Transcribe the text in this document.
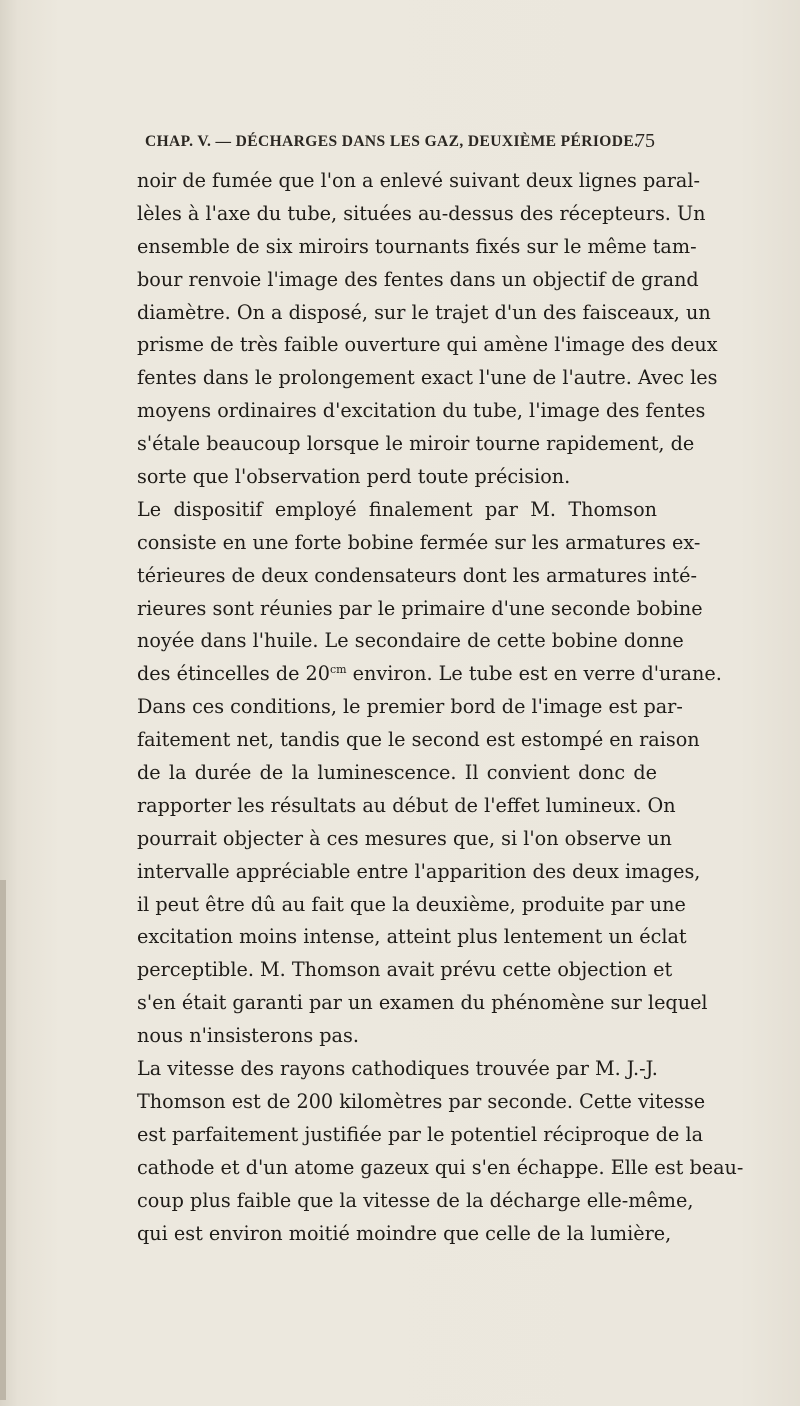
CHAP. V. — DÉCHARGES DANS LES GAZ, DEUXIÈME PÉRIODE.
75
noir de fumée que l'on a enlevé suivant deux lignes paral-
lèles à l'axe du tube, situées au-dessus des récepteurs. Un
ensemble de six miroirs tournants fixés sur le même tam-
bour renvoie l'image des fentes dans un objectif de grand
diamètre. On a disposé, sur le trajet d'un des faisceaux, un
prisme de très faible ouverture qui amène l'image des deux
fentes dans le prolongement exact l'une de l'autre. Avec les
moyens ordinaires d'excitation du tube, l'image des fentes
s'étale beaucoup lorsque le miroir tourne rapidement, de
sorte que l'observation perd toute précision.
Le dispositif employé finalement par M. Thomson
consiste en une forte bobine fermée sur les armatures ex-
térieures de deux condensateurs dont les armatures inté-
rieures sont réunies par le primaire d'une seconde bobine
noyée dans l'huile. Le secondaire de cette bobine donne
des étincelles de $20^{cm}$ environ. Le tube est en verre d'urane.
Dans ces conditions, le premier bord de l'image est par-
faitement net, tandis que le second est estompé en raison
de la durée de la luminescence. Il convient donc de
rapporter les résultats au début de l'effet lumineux. On
pourrait objecter à ces mesures que, si l'on observe un
intervalle appréciable entre l'apparition des deux images,
il peut être dû au fait que la deuxième, produite par une
excitation moins intense, atteint plus lentement un éclat
perceptible. M. Thomson avait prévu cette objection et
s'en était garanti par un examen du phénomène sur lequel
nous n'insisterons pas.
La vitesse des rayons cathodiques trouvée par M. J.-J.
Thomson est de 200 kilomètres par seconde. Cette vitesse
est parfaitement justifiée par le potentiel réciproque de la
cathode et d'un atome gazeux qui s'en échappe. Elle est beau-
coup plus faible que la vitesse de la décharge elle-même,
qui est environ moitié moindre que celle de la lumière,
